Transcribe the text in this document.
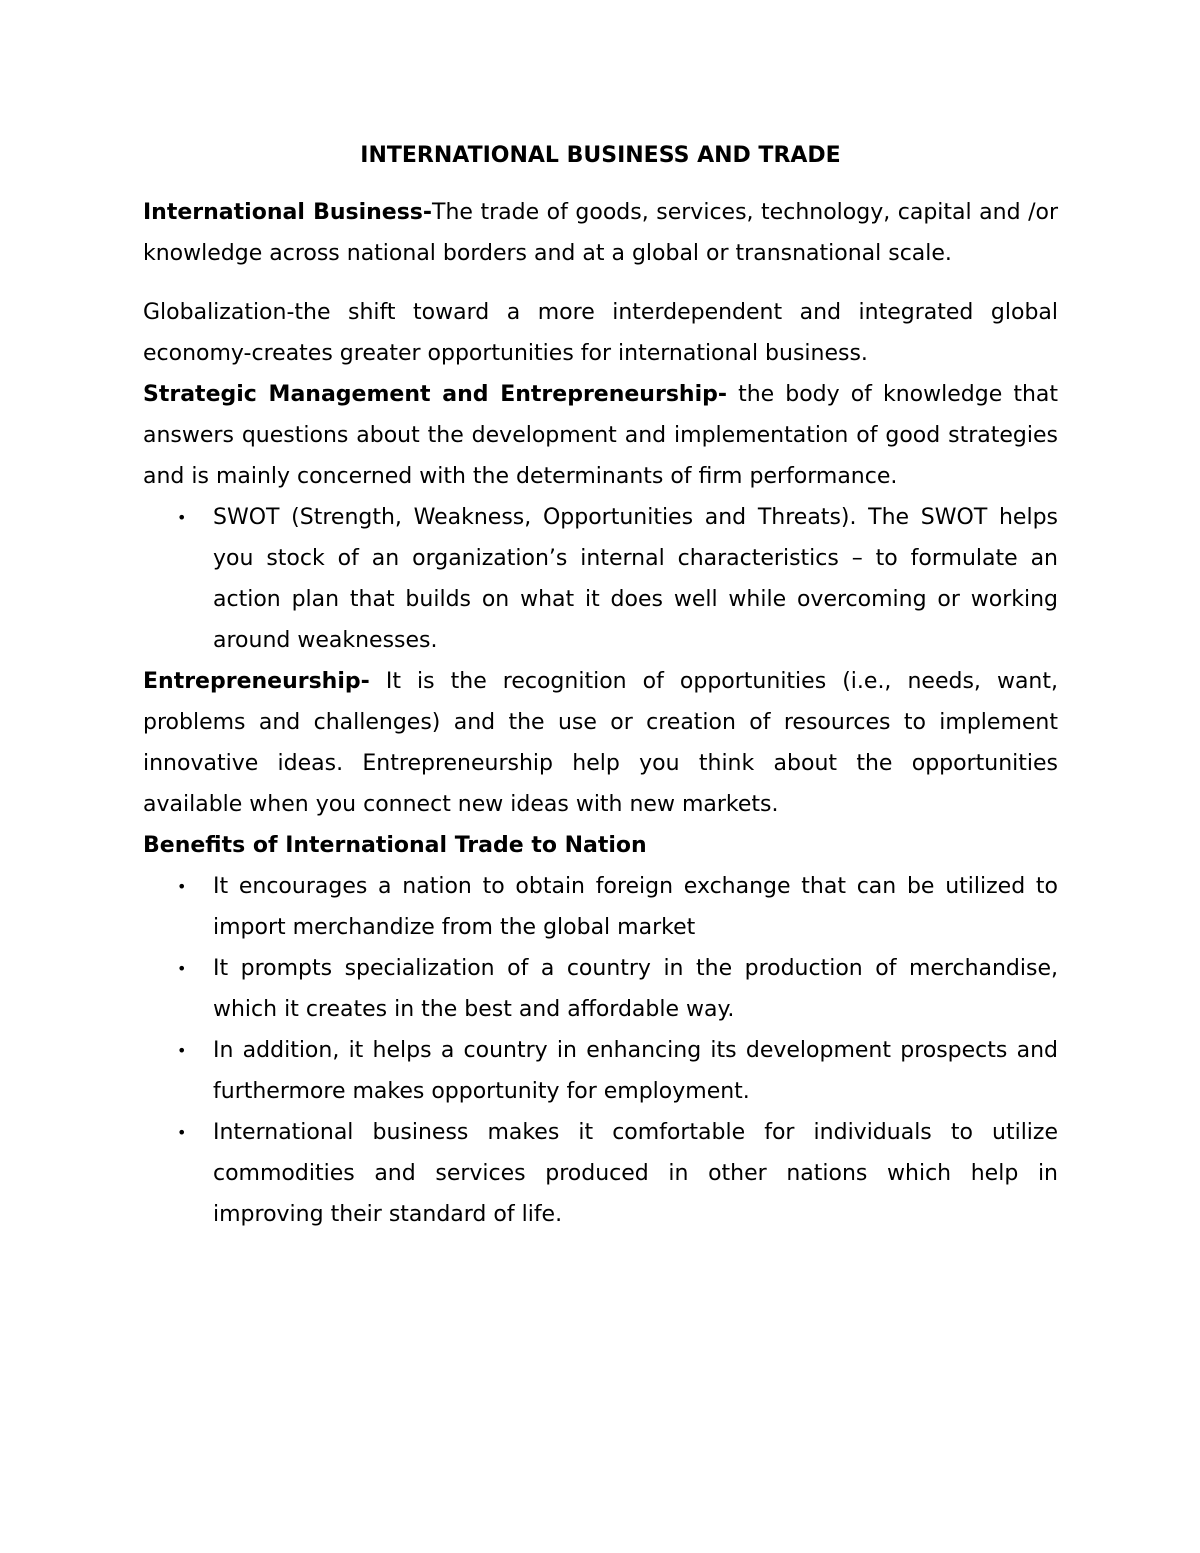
INTERNATIONAL BUSINESS AND TRADE

International Business-The trade of goods, services, technology, capital and /or knowledge across national borders and at a global or transnational scale.

Globalization-the shift toward a more interdependent and integrated global economy-creates greater opportunities for international business.

Strategic Management and Entrepreneurship- the body of knowledge that answers questions about the development and implementation of good strategies and is mainly concerned with the determinants of firm performance.

• SWOT (Strength, Weakness, Opportunities and Threats). The SWOT helps you stock of an organization’s internal characteristics – to formulate an action plan that builds on what it does well while overcoming or working around weaknesses.

Entrepreneurship- It is the recognition of opportunities (i.e., needs, want, problems and challenges) and the use or creation of resources to implement innovative ideas. Entrepreneurship help you think about the opportunities available when you connect new ideas with new markets.

Benefits of International Trade to Nation

• It encourages a nation to obtain foreign exchange that can be utilized to import merchandize from the global market
• It prompts specialization of a country in the production of merchandise, which it creates in the best and affordable way.
• In addition, it helps a country in enhancing its development prospects and furthermore makes opportunity for employment.
• International business makes it comfortable for individuals to utilize commodities and services produced in other nations which help in improving their standard of life.
